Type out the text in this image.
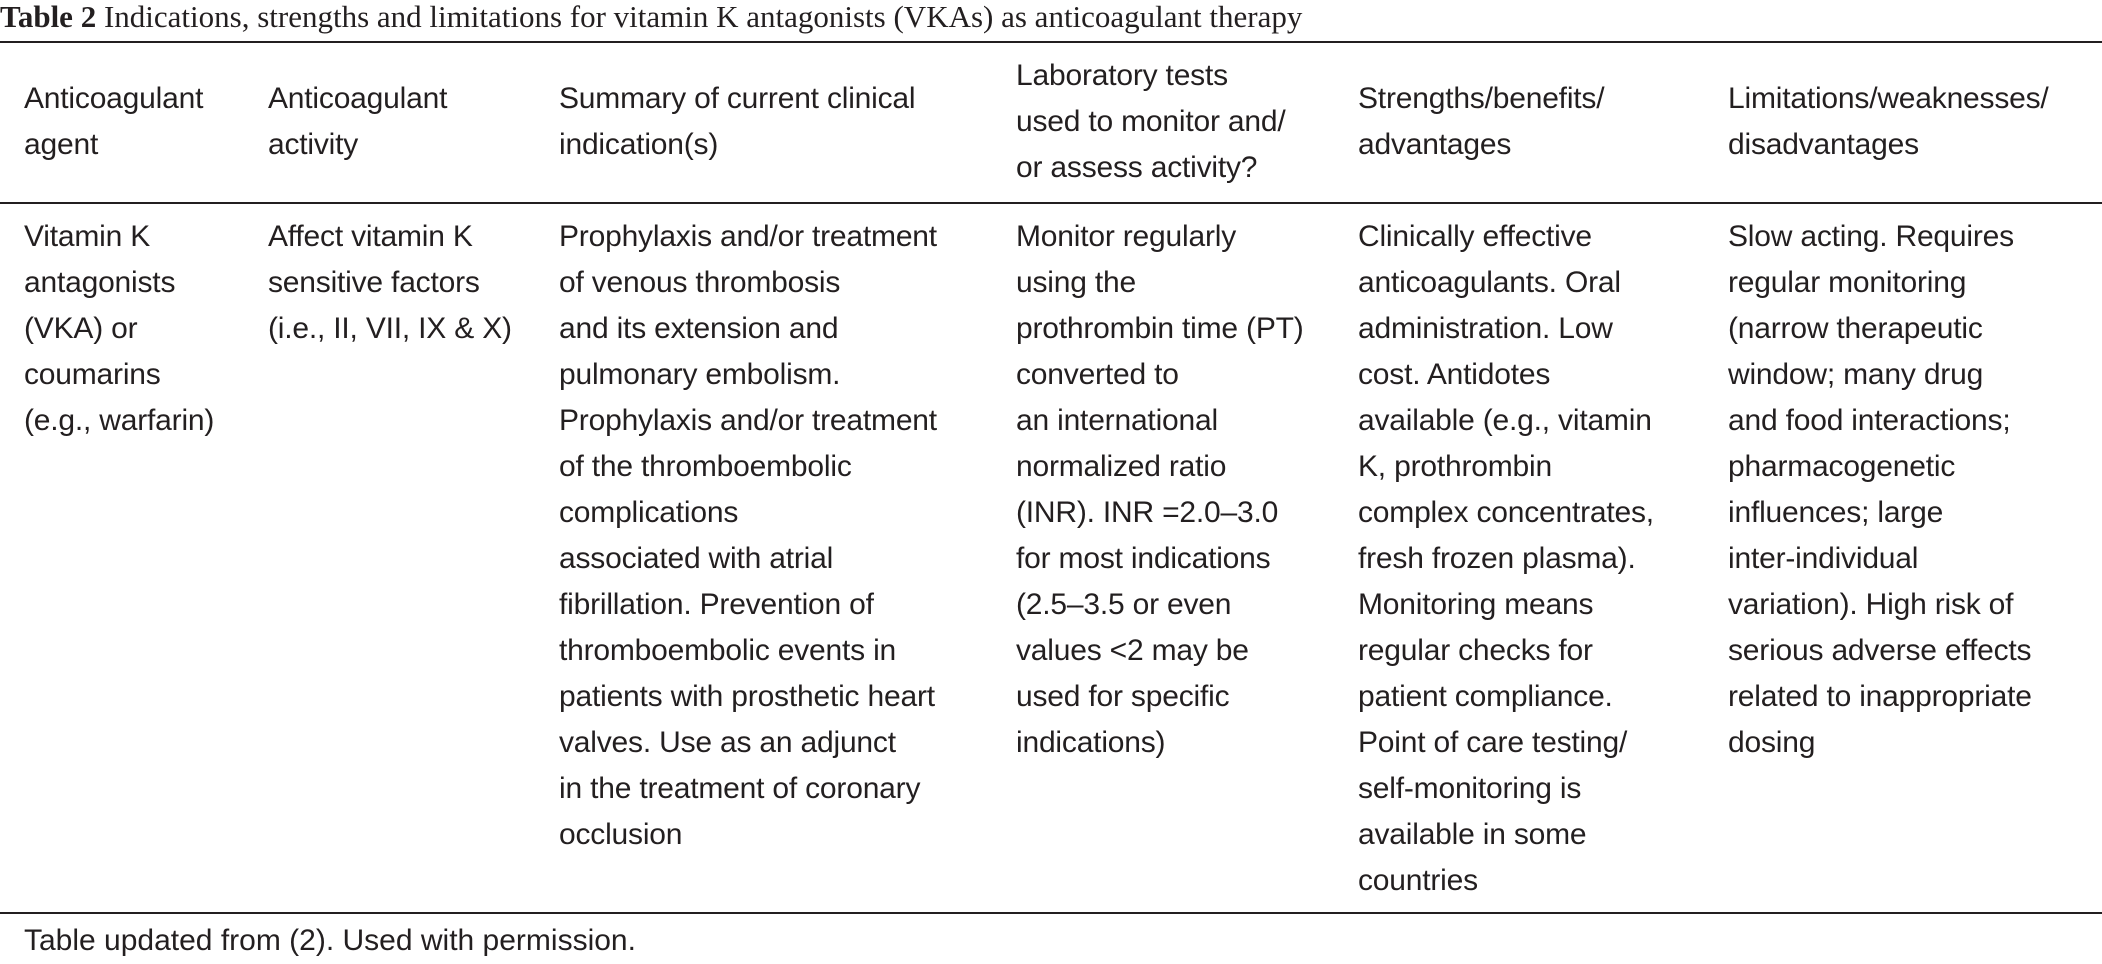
Table 2 Indications, strengths and limitations for vitamin K antagonists (VKAs) as anticoagulant therapy
Anticoagulant
agent
Anticoagulant
activity
Summary of current clinical
indication(s)
Laboratory tests
used to monitor and/
or assess activity?
Strengths/benefits/
advantages
Limitations/weaknesses/
disadvantages
Vitamin K
antagonists
(VKA) or
coumarins
(e.g., warfarin)
Affect vitamin K
sensitive factors
(i.e., II, VII, IX & X)
Prophylaxis and/or treatment
of venous thrombosis
and its extension and
pulmonary embolism.
Prophylaxis and/or treatment
of the thromboembolic
complications
associated with atrial
fibrillation. Prevention of
thromboembolic events in
patients with prosthetic heart
valves. Use as an adjunct
in the treatment of coronary
occlusion
Monitor regularly
using the
prothrombin time (PT)
converted to
an international
normalized ratio
(INR). INR =2.0–3.0
for most indications
(2.5–3.5 or even
values <2 may be
used for specific
indications)
Clinically effective
anticoagulants. Oral
administration. Low
cost. Antidotes
available (e.g., vitamin
K, prothrombin
complex concentrates,
fresh frozen plasma).
Monitoring means
regular checks for
patient compliance.
Point of care testing/
self-monitoring is
available in some
countries
Slow acting. Requires
regular monitoring
(narrow therapeutic
window; many drug
and food interactions;
pharmacogenetic
influences; large
inter-individual
variation). High risk of
serious adverse effects
related to inappropriate
dosing
Table updated from (2). Used with permission.
